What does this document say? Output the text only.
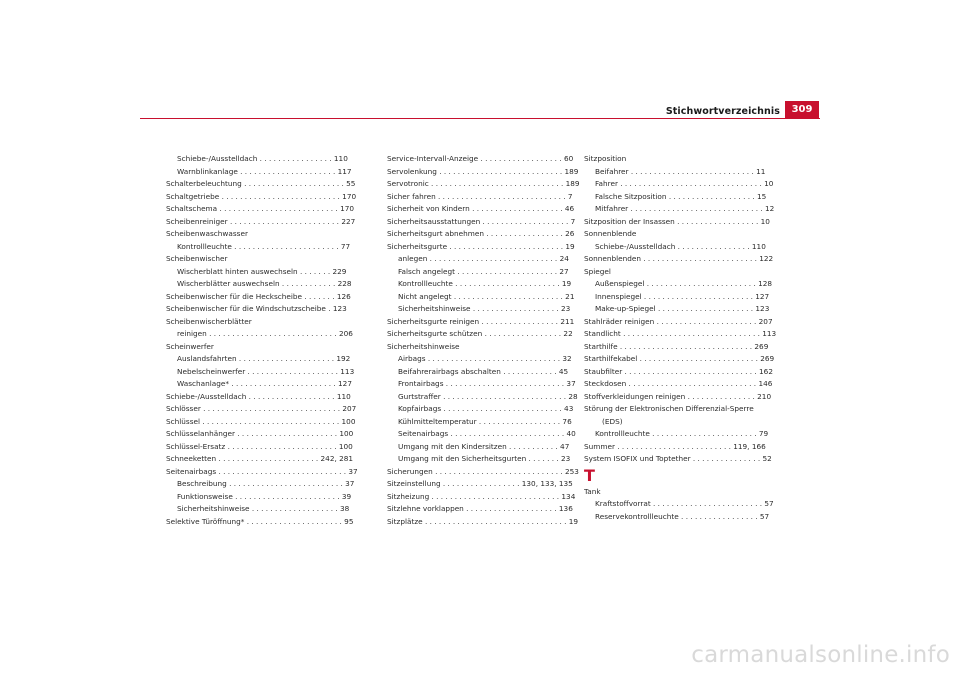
Stichwortverzeichnis	309
Schiebe-/Ausstelldach . . . . . . . . . . . . . . . . 110
Warnblinkanlage . . . . . . . . . . . . . . . . . . . . . 117
Schalterbeleuchtung . . . . . . . . . . . . . . . . . . . . . . 55
Schaltgetriebe . . . . . . . . . . . . . . . . . . . . . . . . . . 170
Schaltschema . . . . . . . . . . . . . . . . . . . . . . . . . . 170
Scheibenreiniger . . . . . . . . . . . . . . . . . . . . . . . . 227
Scheibenwaschwasser
Kontrollleuchte . . . . . . . . . . . . . . . . . . . . . . . 77
Scheibenwischer
Wischerblatt hinten auswechseln . . . . . . . 229
Wischerblätter auswechseln . . . . . . . . . . . . 228
Scheibenwischer für die Heckscheibe . . . . . . . 126
Scheibenwischer für die Windschutzscheibe . 123
Scheibenwischerblätter
reinigen . . . . . . . . . . . . . . . . . . . . . . . . . . . . 206
Scheinwerfer
Auslandsfahrten . . . . . . . . . . . . . . . . . . . . . 192
Nebelscheinwerfer . . . . . . . . . . . . . . . . . . . . 113
Waschanlage* . . . . . . . . . . . . . . . . . . . . . . . 127
Schiebe-/Ausstelldach . . . . . . . . . . . . . . . . . . . 110
Schlösser . . . . . . . . . . . . . . . . . . . . . . . . . . . . . . 207
Schlüssel . . . . . . . . . . . . . . . . . . . . . . . . . . . . . . 100
Schlüsselanhänger . . . . . . . . . . . . . . . . . . . . . . 100
Schlüssel-Ersatz . . . . . . . . . . . . . . . . . . . . . . . . 100
Schneeketten . . . . . . . . . . . . . . . . . . . . . . 242, 281
Seitenairbags . . . . . . . . . . . . . . . . . . . . . . . . . . . . 37
Beschreibung . . . . . . . . . . . . . . . . . . . . . . . . . 37
Funktionsweise . . . . . . . . . . . . . . . . . . . . . . . 39
Sicherheitshinweise . . . . . . . . . . . . . . . . . . . 38
Selektive Türöffnung* . . . . . . . . . . . . . . . . . . . . . 95
Service-Intervall-Anzeige . . . . . . . . . . . . . . . . . . 60
Servolenkung . . . . . . . . . . . . . . . . . . . . . . . . . . . 189
Servotronic . . . . . . . . . . . . . . . . . . . . . . . . . . . . . 189
Sicher fahren . . . . . . . . . . . . . . . . . . . . . . . . . . . . 7
Sicherheit von Kindern . . . . . . . . . . . . . . . . . . . . 46
Sicherheitsausstattungen . . . . . . . . . . . . . . . . . . . 7
Sicherheitsgurt abnehmen . . . . . . . . . . . . . . . . . 26
Sicherheitsgurte . . . . . . . . . . . . . . . . . . . . . . . . . 19
anlegen . . . . . . . . . . . . . . . . . . . . . . . . . . . . 24
Falsch angelegt . . . . . . . . . . . . . . . . . . . . . . 27
Kontrollleuchte . . . . . . . . . . . . . . . . . . . . . . . 19
Nicht angelegt . . . . . . . . . . . . . . . . . . . . . . . . 21
Sicherheitshinweise . . . . . . . . . . . . . . . . . . . 23
Sicherheitsgurte reinigen . . . . . . . . . . . . . . . . . 211
Sicherheitsgurte schützen . . . . . . . . . . . . . . . . . 22
Sicherheitshinweise
Airbags . . . . . . . . . . . . . . . . . . . . . . . . . . . . . 32
Beifahrerairbags abschalten . . . . . . . . . . . . 45
Frontairbags . . . . . . . . . . . . . . . . . . . . . . . . . . 37
Gurtstraffer . . . . . . . . . . . . . . . . . . . . . . . . . . . 28
Kopfairbags . . . . . . . . . . . . . . . . . . . . . . . . . . 43
Kühlmitteltemperatur . . . . . . . . . . . . . . . . . . 76
Seitenairbags . . . . . . . . . . . . . . . . . . . . . . . . . 40
Umgang mit den Kindersitzen . . . . . . . . . . . 47
Umgang mit den Sicherheitsgurten . . . . . . . 23
Sicherungen . . . . . . . . . . . . . . . . . . . . . . . . . . . . 253
Sitzeinstellung . . . . . . . . . . . . . . . . . 130, 133, 135
Sitzheizung . . . . . . . . . . . . . . . . . . . . . . . . . . . . 134
Sitzlehne vorklappen . . . . . . . . . . . . . . . . . . . . 136
Sitzplätze . . . . . . . . . . . . . . . . . . . . . . . . . . . . . . . 19
Sitzposition
Beifahrer . . . . . . . . . . . . . . . . . . . . . . . . . . . 11
Fahrer . . . . . . . . . . . . . . . . . . . . . . . . . . . . . . . 10
Falsche Sitzposition . . . . . . . . . . . . . . . . . . . 15
Mitfahrer . . . . . . . . . . . . . . . . . . . . . . . . . . . . . 12
Sitzposition der Insassen . . . . . . . . . . . . . . . . . . 10
Sonnenblende
Schiebe-/Ausstelldach . . . . . . . . . . . . . . . . 110
Sonnenblenden . . . . . . . . . . . . . . . . . . . . . . . . . 122
Spiegel
Außenspiegel . . . . . . . . . . . . . . . . . . . . . . . . 128
Innenspiegel . . . . . . . . . . . . . . . . . . . . . . . . 127
Make-up-Spiegel . . . . . . . . . . . . . . . . . . . . . 123
Stahlräder reinigen . . . . . . . . . . . . . . . . . . . . . . 207
Standlicht . . . . . . . . . . . . . . . . . . . . . . . . . . . . . . 113
Starthilfe . . . . . . . . . . . . . . . . . . . . . . . . . . . . . 269
Starthilfekabel . . . . . . . . . . . . . . . . . . . . . . . . . . 269
Staubfilter . . . . . . . . . . . . . . . . . . . . . . . . . . . . . 162
Steckdosen . . . . . . . . . . . . . . . . . . . . . . . . . . . . 146
Stoffverkleidungen reinigen . . . . . . . . . . . . . . . 210
Störung der Elektronischen Differenzial-Sperre
(EDS)
Kontrollleuchte . . . . . . . . . . . . . . . . . . . . . . . 79
Summer . . . . . . . . . . . . . . . . . . . . . . . . . 119, 166
System ISOFIX und Toptether . . . . . . . . . . . . . . . 52
T
Tank
Kraftstoffvorrat . . . . . . . . . . . . . . . . . . . . . . . . 57
Reservekontrollleuchte . . . . . . . . . . . . . . . . . 57
carmanualsonline.info
